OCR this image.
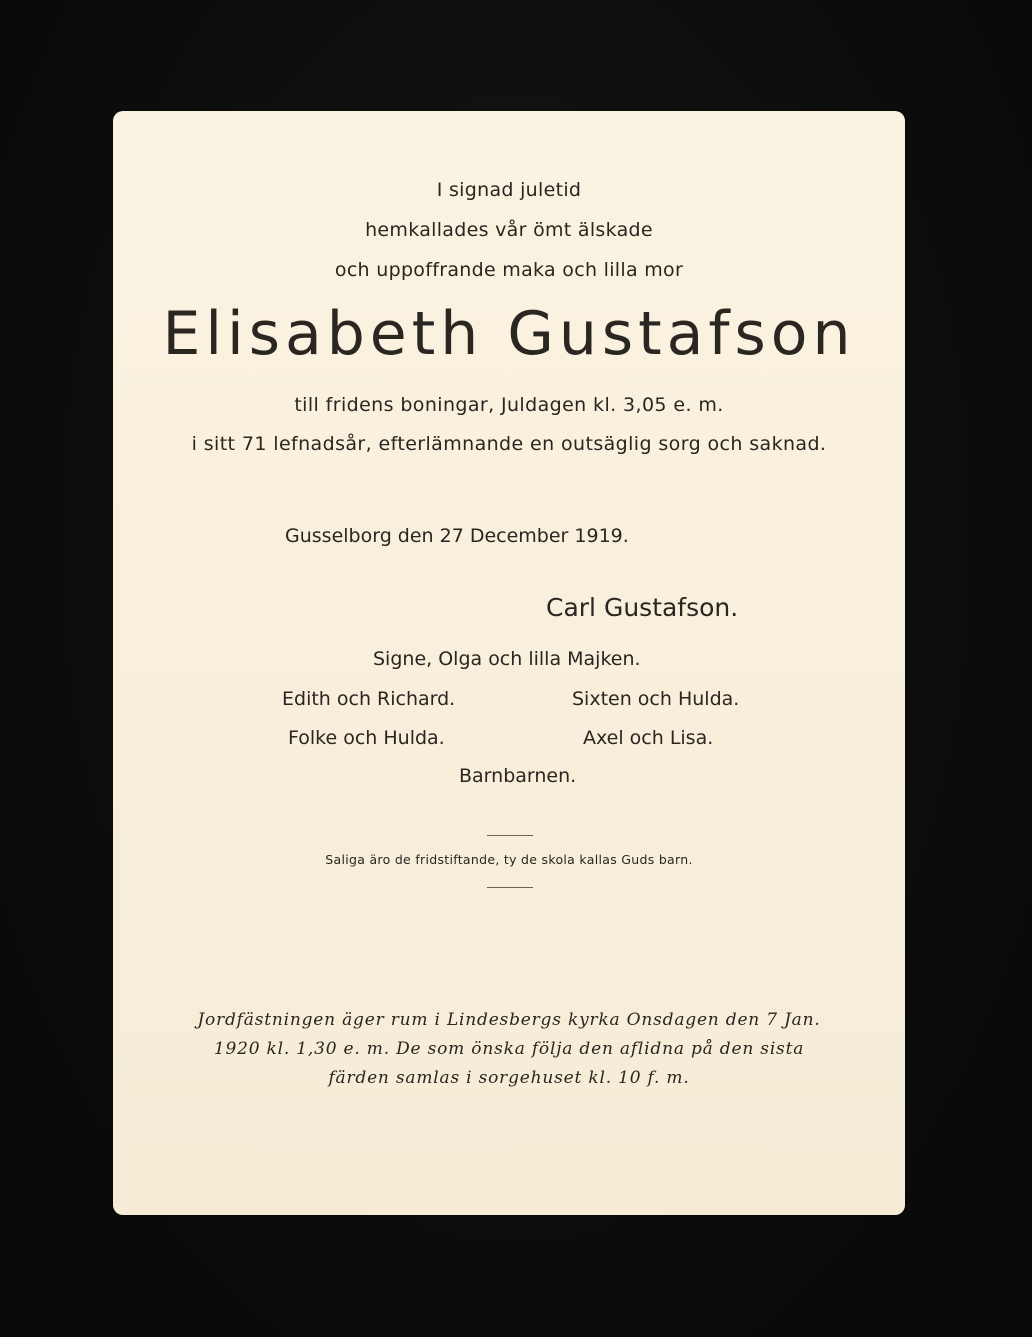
I signad juletid
hemkallades vår ömt älskade
och uppoffrande maka och lilla mor
Elisabeth Gustafson
till fridens boningar, Juldagen kl. 3,05 e. m.
i sitt 71 lefnadsår, efterlämnande en outsäglig sorg och saknad.
Gusselborg den 27 December 1919.
Carl Gustafson.
Signe, Olga och lilla Majken.
Edith och Richard.	Sixten och Hulda.
Folke och Hulda.	Axel och Lisa.
Barnbarnen.
Saliga äro de fridstiftande, ty de skola kallas Guds barn.
Jordfästningen äger rum i Lindesbergs kyrka Onsdagen den 7 Jan.
1920 kl. 1,30 e. m. De som önska följa den aflidna på den sista
färden samlas i sorgehuset kl. 10 f. m.
